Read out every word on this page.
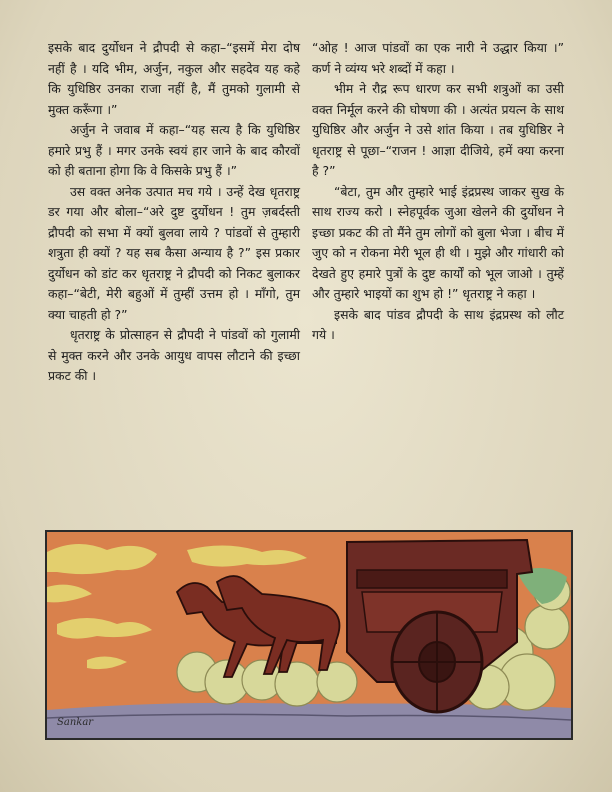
इसके बाद दुर्योधन ने द्रौपदी से कहा–“इसमें मेरा दोष नहीं है । यदि भीम, अर्जुन, नकुल और सहदेव यह कहे कि युधिष्ठिर उनका राजा नहीं है, मैं तुमको गुलामी से मुक्त करूँगा ।”

अर्जुन ने जवाब में कहा–“यह सत्य है कि युधिष्ठिर हमारे प्रभु हैं । मगर उनके स्वयं हार जाने के बाद कौरवों को ही बताना होगा कि वे किसके प्रभु हैं ।”

उस वक्त अनेक उत्पात मच गये । उन्हें देख धृतराष्ट्र डर गया और बोला–“अरे दुष्ट दुर्योधन ! तुम ज़बर्दस्ती द्रौपदी को सभा में क्यों बुलवा लाये ? पांडवों से तुम्हारी शत्रुता ही क्यों ? यह सब कैसा अन्याय है ?” इस प्रकार दुर्योधन को डांट कर धृतराष्ट्र ने द्रौपदी को निकट बुलाकर कहा–“बेटी, मेरी बहुओं में तुम्हीं उत्तम हो । माँगो, तुम क्या चाहती हो ?”

धृतराष्ट्र के प्रोत्साहन से द्रौपदी ने पांडवों को गुलामी से मुक्त करने और उनके आयुध वापस लौटाने की इच्छा प्रकट की ।

“ओह ! आज पांडवों का एक नारी ने उद्धार किया ।” कर्ण ने व्यंग्य भरे शब्दों में कहा ।

भीम ने रौद्र रूप धारण कर सभी शत्रुओं का उसी वक्त निर्मूल करने की घोषणा की । अत्यंत प्रयत्न के साथ युधिष्ठिर और अर्जुन ने उसे शांत किया । तब युधिष्ठिर ने धृतराष्ट्र से पूछा–“राजन ! आज्ञा दीजिये, हमें क्या करना है ?”

“बेटा, तुम और तुम्हारे भाई इंद्रप्रस्थ जाकर सुख के साथ राज्य करो । स्नेहपूर्वक जुआ खेलने की दुर्योधन ने इच्छा प्रकट की तो मैंने तुम लोगों को बुला भेजा । बीच में जुए को न रोकना मेरी भूल ही थी । मुझे और गांधारी को देखते हुए हमारे पुत्रों के दुष्ट कार्यों को भूल जाओ । तुम्हें और तुम्हारे भाइयों का शुभ हो !” धृतराष्ट्र ने कहा ।

इसके बाद पांडव द्रौपदी के साथ इंद्रप्रस्थ को लौट गये ।

Sankar
